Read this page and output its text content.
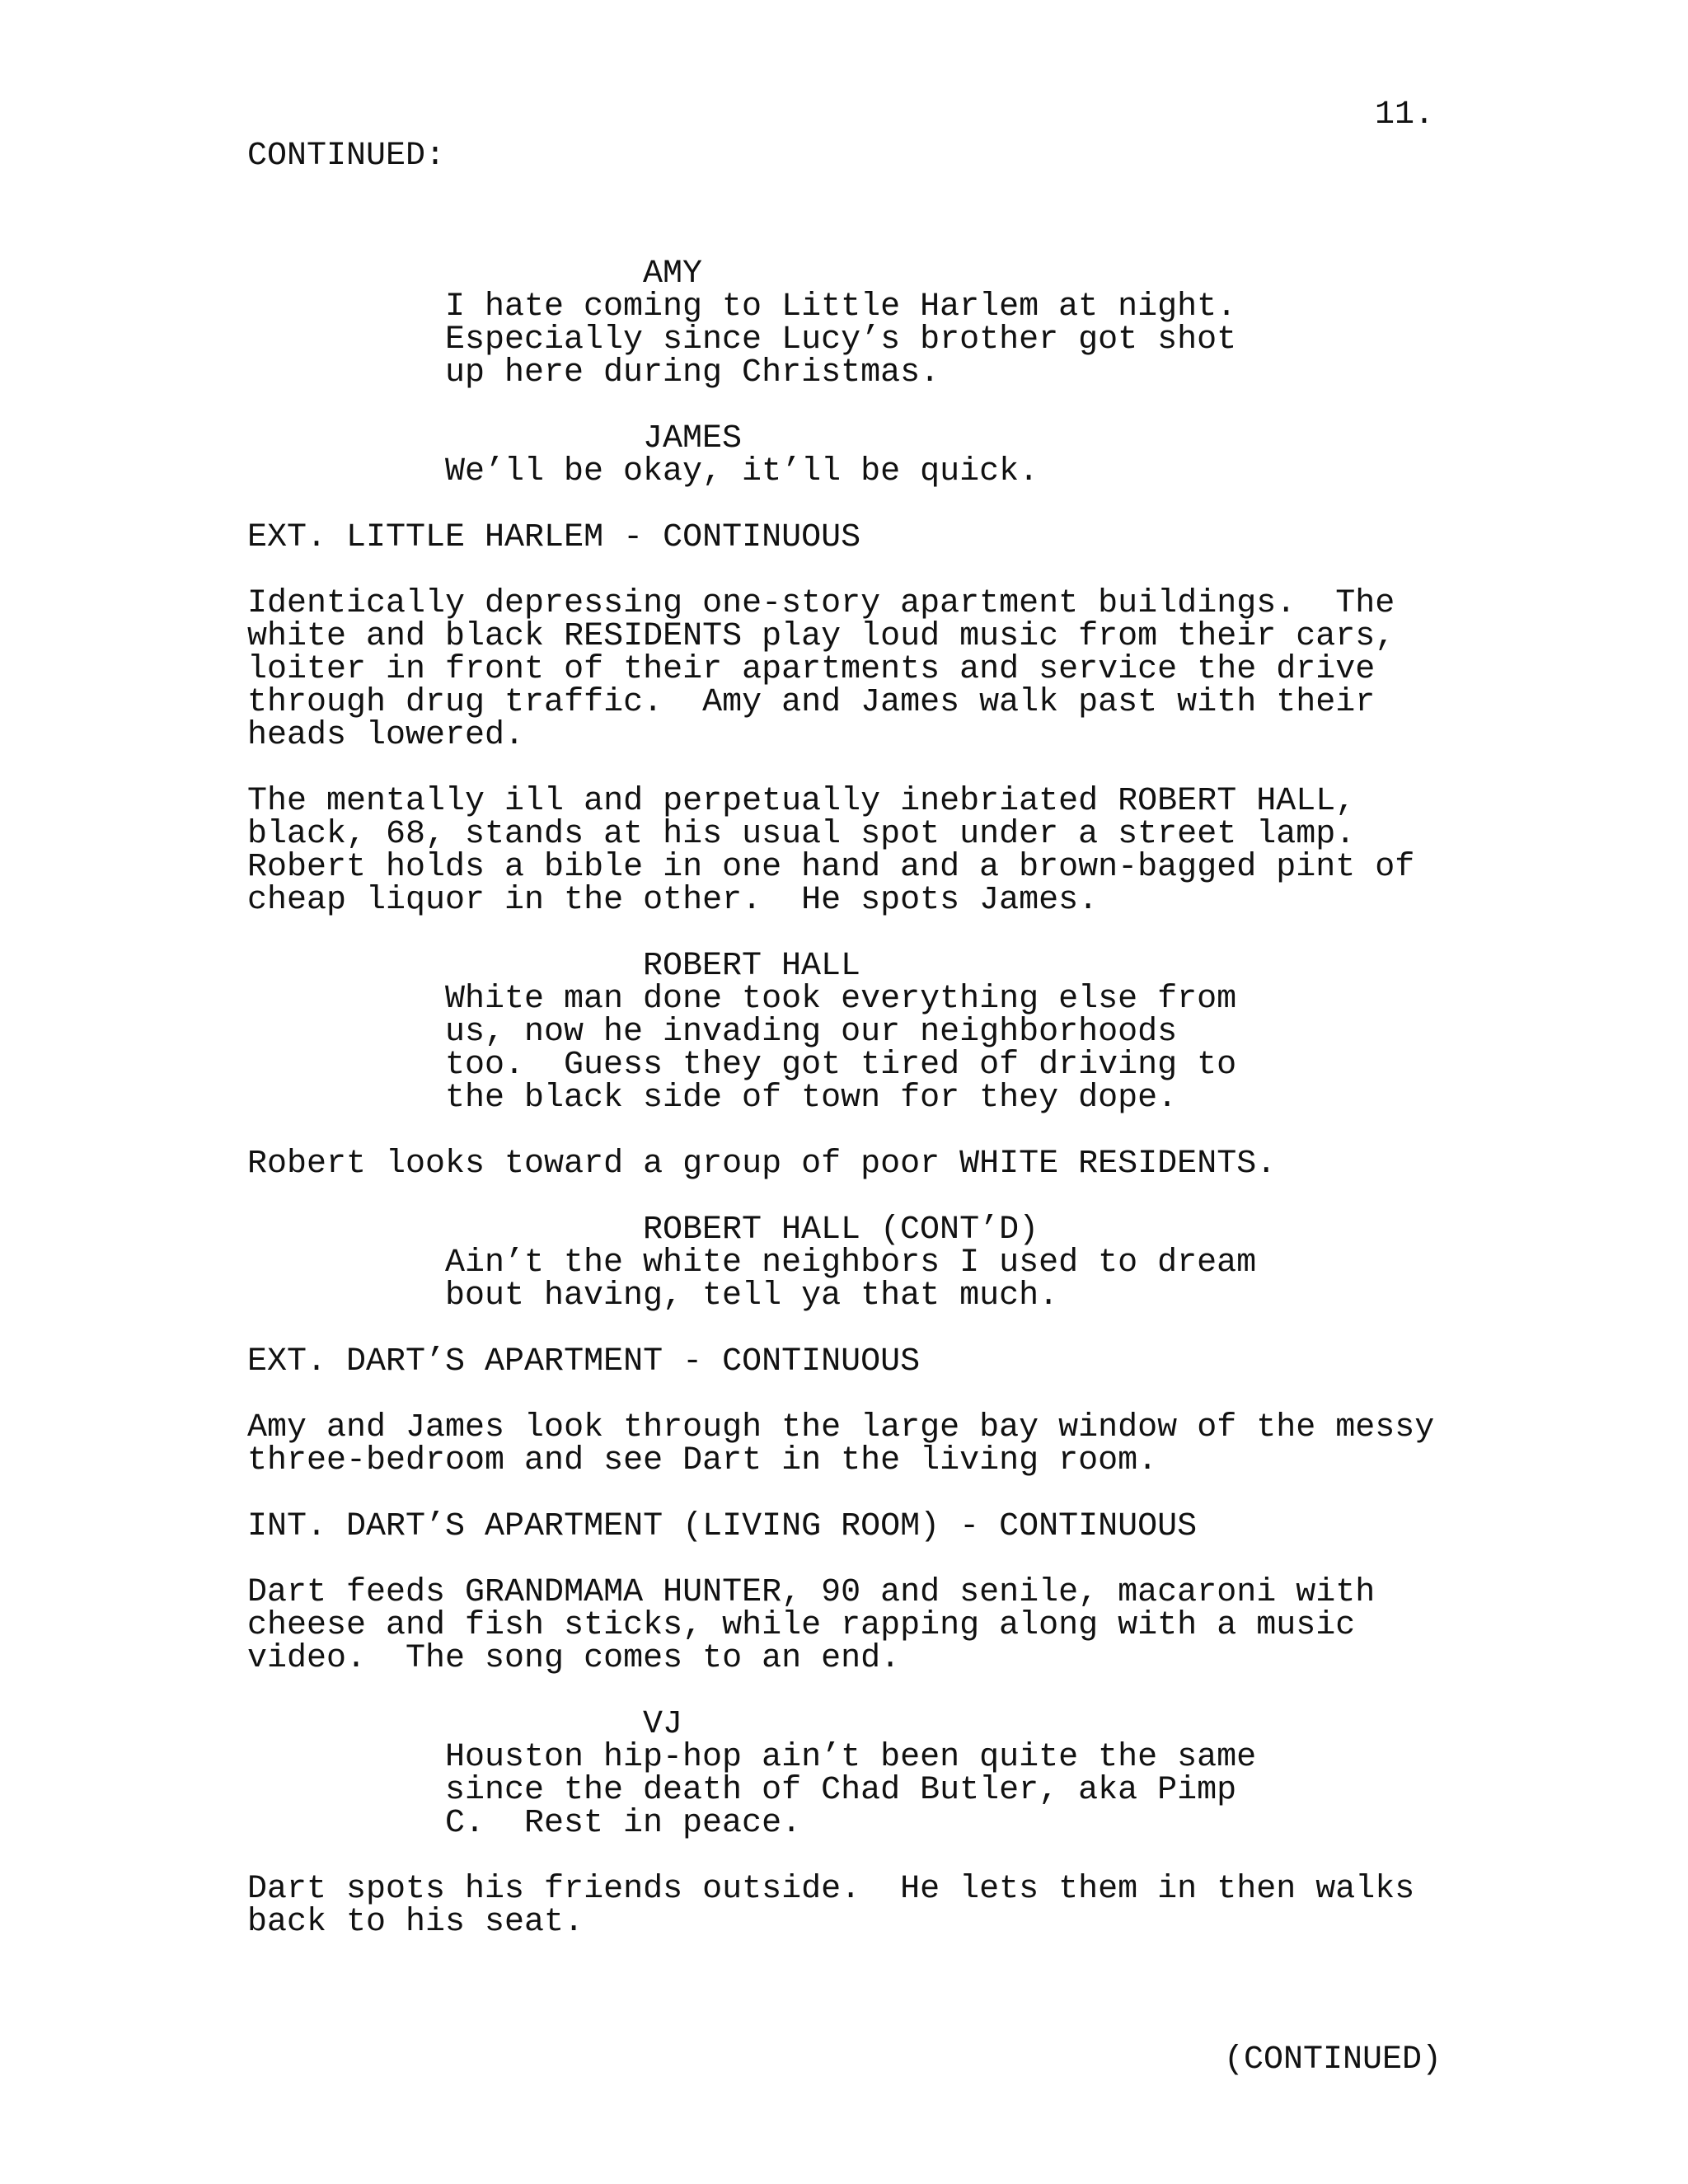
11.
CONTINUED:
AMY
I hate coming to Little Harlem at night.
Especially since Lucy’s brother got shot
up here during Christmas.
JAMES
We’ll be okay, it’ll be quick.
EXT. LITTLE HARLEM - CONTINUOUS
Identically depressing one-story apartment buildings.  The
white and black RESIDENTS play loud music from their cars,
loiter in front of their apartments and service the drive
through drug traffic.  Amy and James walk past with their
heads lowered.
The mentally ill and perpetually inebriated ROBERT HALL,
black, 68, stands at his usual spot under a street lamp.
Robert holds a bible in one hand and a brown-bagged pint of
cheap liquor in the other.  He spots James.
ROBERT HALL
White man done took everything else from
us, now he invading our neighborhoods
too.  Guess they got tired of driving to
the black side of town for they dope.
Robert looks toward a group of poor WHITE RESIDENTS.
ROBERT HALL (CONT’D)
Ain’t the white neighbors I used to dream
bout having, tell ya that much.
EXT. DART’S APARTMENT - CONTINUOUS
Amy and James look through the large bay window of the messy
three-bedroom and see Dart in the living room.
INT. DART’S APARTMENT (LIVING ROOM) - CONTINUOUS
Dart feeds GRANDMAMA HUNTER, 90 and senile, macaroni with
cheese and fish sticks, while rapping along with a music
video.  The song comes to an end.
VJ
Houston hip-hop ain’t been quite the same
since the death of Chad Butler, aka Pimp
C.  Rest in peace.
Dart spots his friends outside.  He lets them in then walks
back to his seat.
(CONTINUED)
